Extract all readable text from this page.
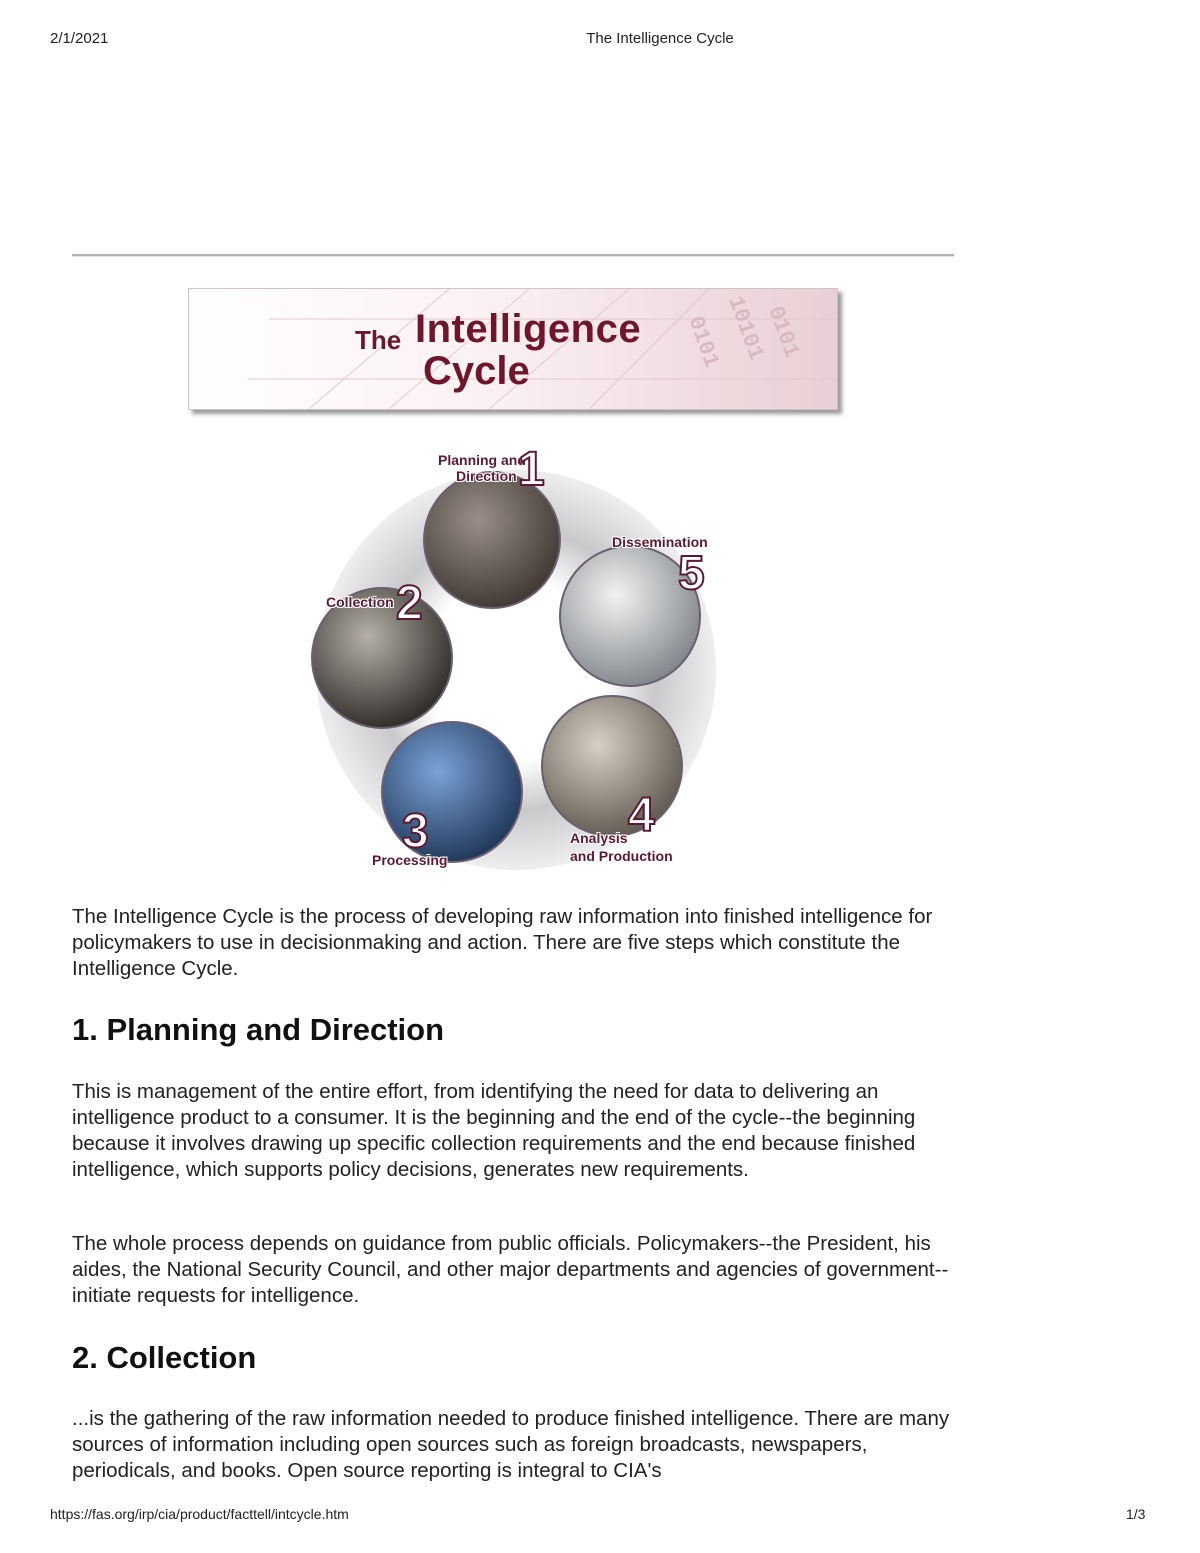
2/1/2021	The Intelligence Cycle
0101
10101
0101
The Intelligence
Cycle
Planning and
Direction 1
Collection 2
3
Processing
4
Analysis
and Production
Dissemination
5

The Intelligence Cycle is the process of developing raw information into finished intelligence for policymakers to use in decisionmaking and action. There are five steps which constitute the Intelligence Cycle.

1. Planning and Direction

This is management of the entire effort, from identifying the need for data to delivering an intelligence product to a consumer. It is the beginning and the end of the cycle--the beginning because it involves drawing up specific collection requirements and the end because finished intelligence, which supports policy decisions, generates new requirements.

The whole process depends on guidance from public officials. Policymakers--the President, his aides, the National Security Council, and other major departments and agencies of government--initiate requests for intelligence.

2. Collection

...is the gathering of the raw information needed to produce finished intelligence. There are many sources of information including open sources such as foreign broadcasts, newspapers, periodicals, and books. Open source reporting is integral to CIA's

https://fas.org/irp/cia/product/facttell/intcycle.htm	1/3
